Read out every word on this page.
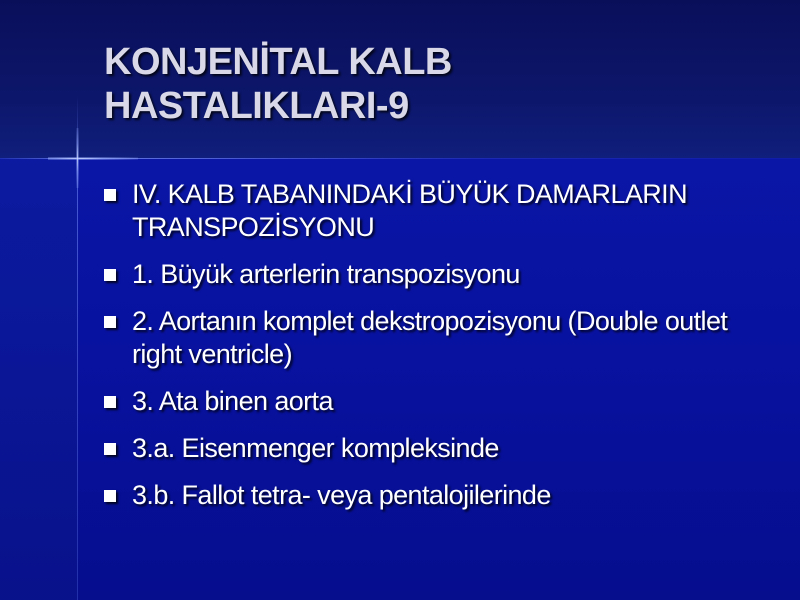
KONJENİTAL KALB
HASTALIKLARI-9
IV. KALB TABANINDAKİ BÜYÜK DAMARLARIN TRANSPOZİSYONU
1. Büyük arterlerin transpozisyonu
2. Aortanın komplet dekstropozisyonu (Double outlet right ventricle)
3. Ata binen aorta
3.a. Eisenmenger kompleksinde
3.b. Fallot tetra- veya pentalojilerinde
